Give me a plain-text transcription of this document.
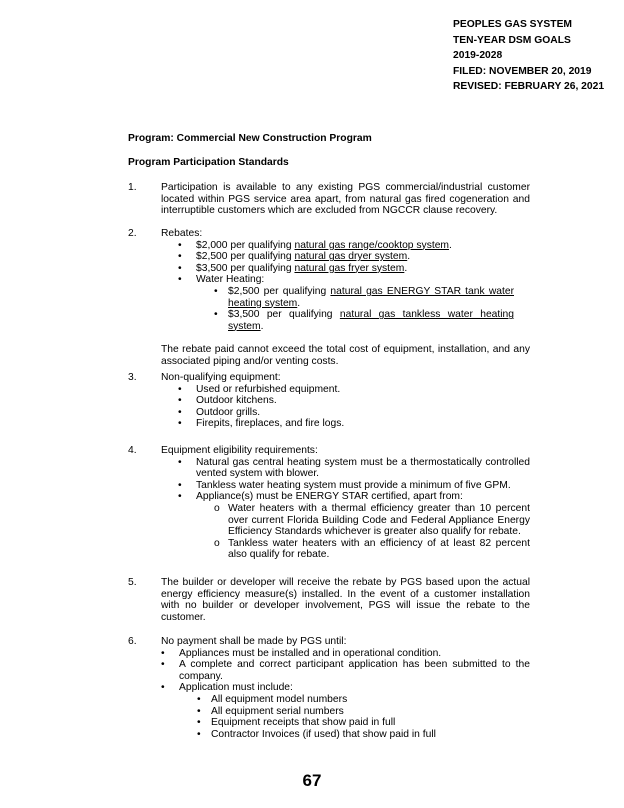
PEOPLES GAS SYSTEM
TEN-YEAR DSM GOALS
2019-2028
FILED: NOVEMBER 20, 2019
REVISED: FEBRUARY 26, 2021
Program: Commercial New Construction Program
Program Participation Standards
1. Participation is available to any existing PGS commercial/industrial customer located within PGS service area apart, from natural gas fired cogeneration and interruptible customers which are excluded from NGCCR clause recovery.
2. Rebates:
• $2,000 per qualifying natural gas range/cooktop system.
• $2,500 per qualifying natural gas dryer system.
• $3,500 per qualifying natural gas fryer system.
• Water Heating:
• $2,500 per qualifying natural gas ENERGY STAR tank water heating system.
• $3,500 per qualifying natural gas tankless water heating system.
The rebate paid cannot exceed the total cost of equipment, installation, and any associated piping and/or venting costs.
3. Non-qualifying equipment:
• Used or refurbished equipment.
• Outdoor kitchens.
• Outdoor grills.
• Firepits, fireplaces, and fire logs.
4. Equipment eligibility requirements:
• Natural gas central heating system must be a thermostatically controlled vented system with blower.
• Tankless water heating system must provide a minimum of five GPM.
• Appliance(s) must be ENERGY STAR certified, apart from:
o Water heaters with a thermal efficiency greater than 10 percent over current Florida Building Code and Federal Appliance Energy Efficiency Standards whichever is greater also qualify for rebate.
o Tankless water heaters with an efficiency of at least 82 percent also qualify for rebate.
5. The builder or developer will receive the rebate by PGS based upon the actual energy efficiency measure(s) installed. In the event of a customer installation with no builder or developer involvement, PGS will issue the rebate to the customer.
6. No payment shall be made by PGS until:
• Appliances must be installed and in operational condition.
• A complete and correct participant application has been submitted to the company.
• Application must include:
• All equipment model numbers
• All equipment serial numbers
• Equipment receipts that show paid in full
• Contractor Invoices (if used) that show paid in full
67
